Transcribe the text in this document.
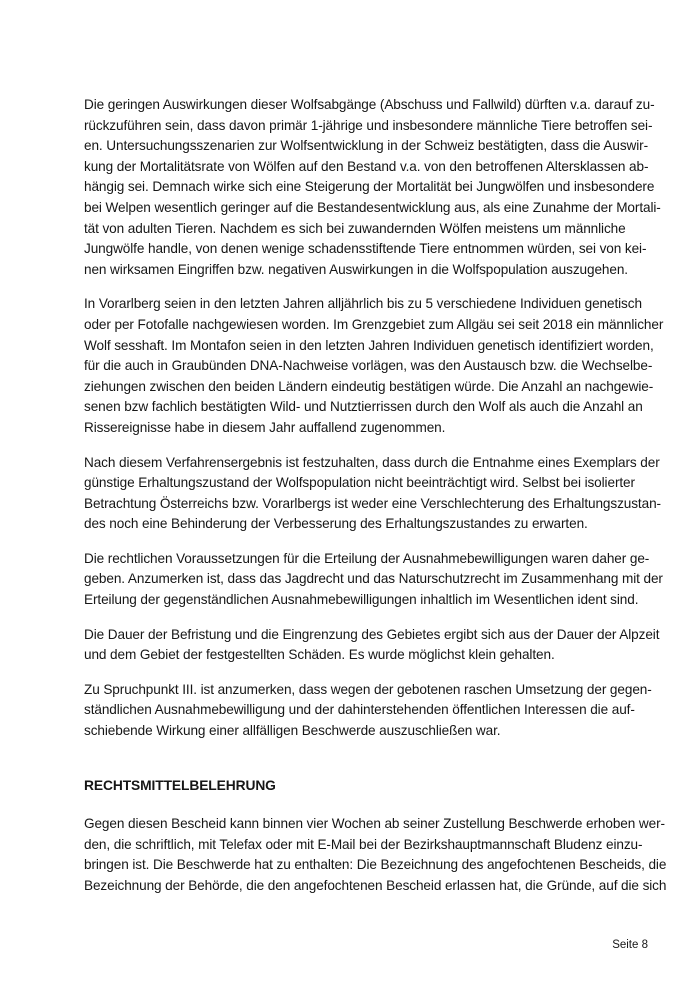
Die geringen Auswirkungen dieser Wolfsabgänge (Abschuss und Fallwild) dürften v.a. darauf zu-
rückzuführen sein, dass davon primär 1-jährige und insbesondere männliche Tiere betroffen sei-
en. Untersuchungsszenarien zur Wolfsentwicklung in der Schweiz bestätigten, dass die Auswir-
kung der Mortalitätsrate von Wölfen auf den Bestand v.a. von den betroffenen Altersklassen ab-
hängig sei. Demnach wirke sich eine Steigerung der Mortalität bei Jungwölfen und insbesondere
bei Welpen wesentlich geringer auf die Bestandesentwicklung aus, als eine Zunahme der Mortali-
tät von adulten Tieren. Nachdem es sich bei zuwandernden Wölfen meistens um männliche
Jungwölfe handle, von denen wenige schadensstiftende Tiere entnommen würden, sei von kei-
nen wirksamen Eingriffen bzw. negativen Auswirkungen in die Wolfspopulation auszugehen.
In Vorarlberg seien in den letzten Jahren alljährlich bis zu 5 verschiedene Individuen genetisch
oder per Fotofalle nachgewiesen worden. Im Grenzgebiet zum Allgäu sei seit 2018 ein männlicher
Wolf sesshaft. Im Montafon seien in den letzten Jahren Individuen genetisch identifiziert worden,
für die auch in Graubünden DNA-Nachweise vorlägen, was den Austausch bzw. die Wechselbe-
ziehungen zwischen den beiden Ländern eindeutig bestätigen würde. Die Anzahl an nachgewie-
senen bzw fachlich bestätigten Wild- und Nutztierrissen durch den Wolf als auch die Anzahl an
Rissereignisse habe in diesem Jahr auffallend zugenommen.
Nach diesem Verfahrensergebnis ist festzuhalten, dass durch die Entnahme eines Exemplars der
günstige Erhaltungszustand der Wolfspopulation nicht beeinträchtigt wird. Selbst bei isolierter
Betrachtung Österreichs bzw. Vorarlbergs ist weder eine Verschlechterung des Erhaltungszustan-
des noch eine Behinderung der Verbesserung des Erhaltungszustandes zu erwarten.
Die rechtlichen Voraussetzungen für die Erteilung der Ausnahmebewilligungen waren daher ge-
geben. Anzumerken ist, dass das Jagdrecht und das Naturschutzrecht im Zusammenhang mit der
Erteilung der gegenständlichen Ausnahmebewilligungen inhaltlich im Wesentlichen ident sind.
Die Dauer der Befristung und die Eingrenzung des Gebietes ergibt sich aus der Dauer der Alpzeit
und dem Gebiet der festgestellten Schäden. Es wurde möglichst klein gehalten.
Zu Spruchpunkt III. ist anzumerken, dass wegen der gebotenen raschen Umsetzung der gegen-
ständlichen Ausnahmebewilligung und der dahinterstehenden öffentlichen Interessen die auf-
schiebende Wirkung einer allfälligen Beschwerde auszuschließen war.
RECHTSMITTELBELEHRUNG
Gegen diesen Bescheid kann binnen vier Wochen ab seiner Zustellung Beschwerde erhoben wer-
den, die schriftlich, mit Telefax oder mit E-Mail bei der Bezirkshauptmannschaft Bludenz einzu-
bringen ist. Die Beschwerde hat zu enthalten: Die Bezeichnung des angefochtenen Bescheids, die
Bezeichnung der Behörde, die den angefochtenen Bescheid erlassen hat, die Gründe, auf die sich
Seite 8
